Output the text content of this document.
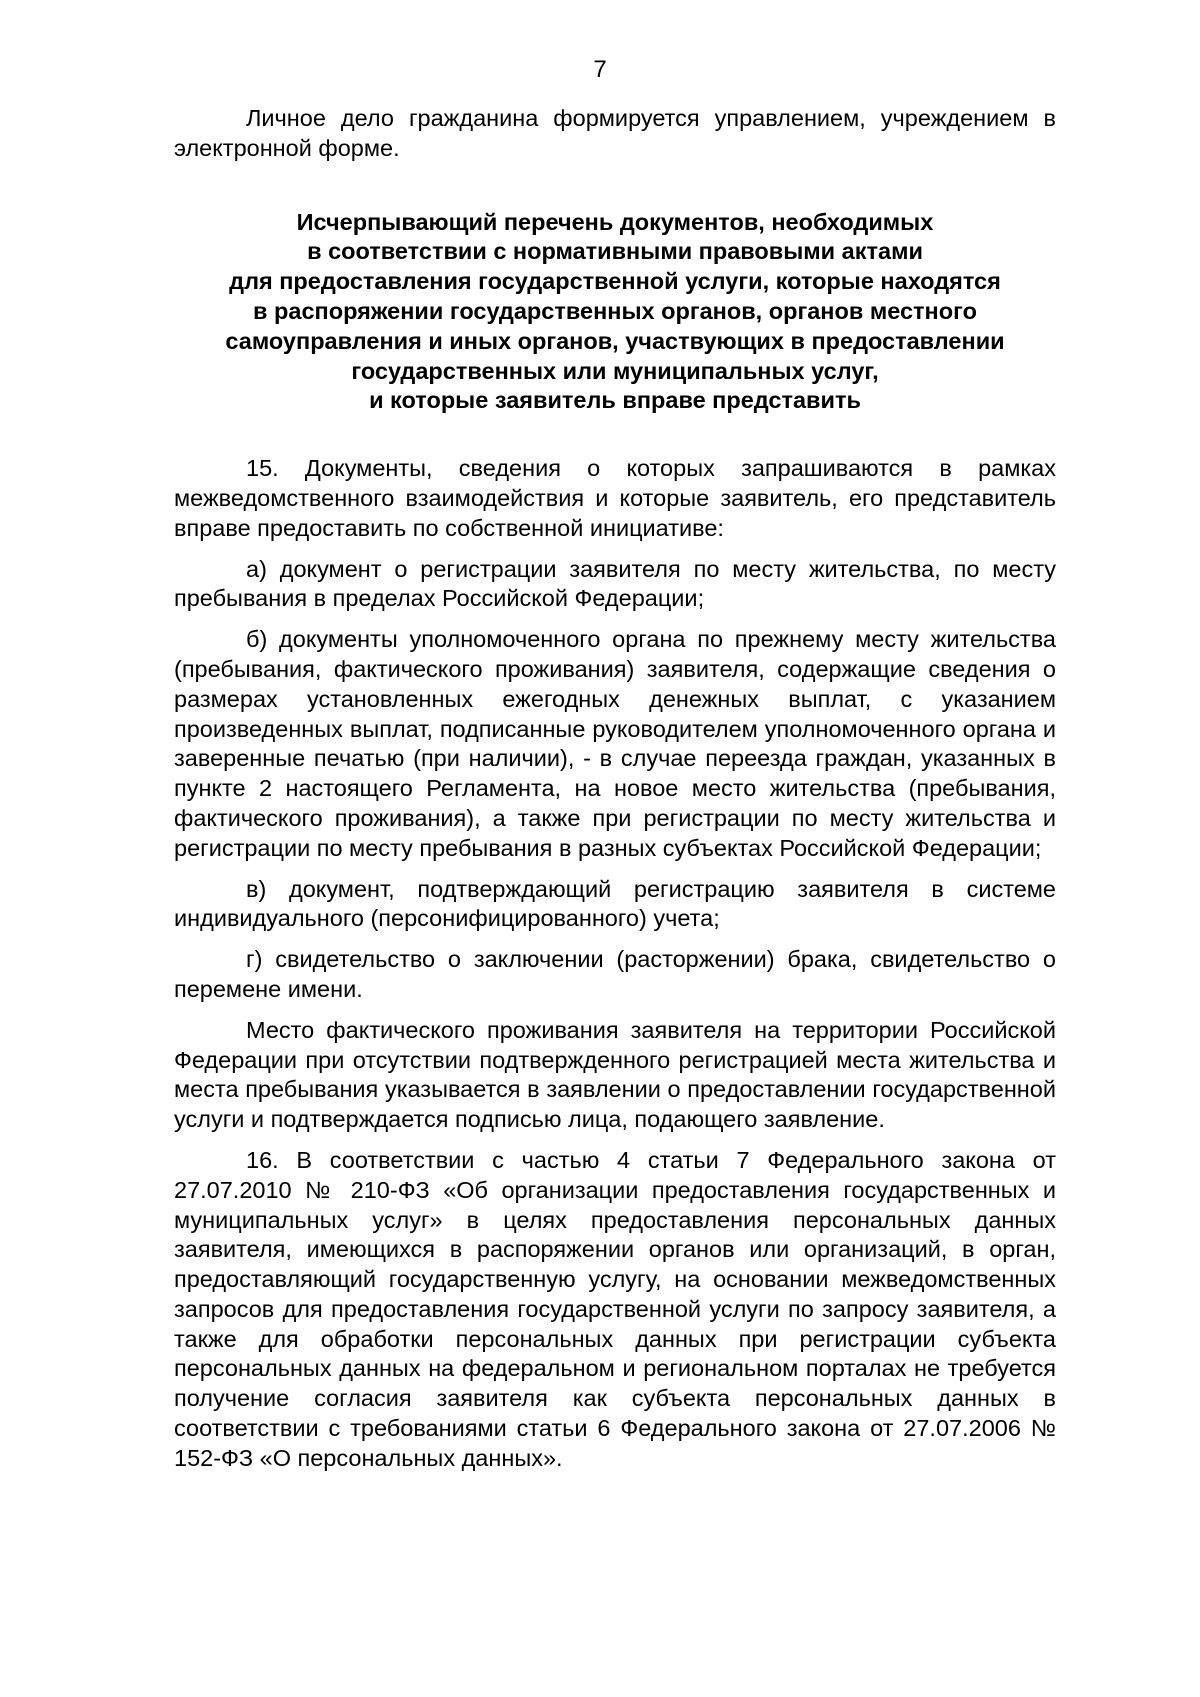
7

Личное дело гражданина формируется управлением, учреждением в электронной форме.

Исчерпывающий перечень документов, необходимых
в соответствии с нормативными правовыми актами
для предоставления государственной услуги, которые находятся
в распоряжении государственных органов, органов местного
самоуправления и иных органов, участвующих в предоставлении
государственных или муниципальных услуг,
и которые заявитель вправе представить

15. Документы, сведения о которых запрашиваются в рамках межведомственного взаимодействия и которые заявитель, его представитель вправе предоставить по собственной инициативе:

а) документ о регистрации заявителя по месту жительства, по месту пребывания в пределах Российской Федерации;

б) документы уполномоченного органа по прежнему месту жительства (пребывания, фактического проживания) заявителя, содержащие сведения о размерах установленных ежегодных денежных выплат, с указанием произведенных выплат, подписанные руководителем уполномоченного органа и заверенные печатью (при наличии), - в случае переезда граждан, указанных в пункте 2 настоящего Регламента, на новое место жительства (пребывания, фактического проживания), а также при регистрации по месту жительства и регистрации по месту пребывания в разных субъектах Российской Федерации;

в) документ, подтверждающий регистрацию заявителя в системе индивидуального (персонифицированного) учета;

г) свидетельство о заключении (расторжении) брака, свидетельство о перемене имени.

Место фактического проживания заявителя на территории Российской Федерации при отсутствии подтвержденного регистрацией места жительства и места пребывания указывается в заявлении о предоставлении государственной услуги и подтверждается подписью лица, подающего заявление.

16. В соответствии с частью 4 статьи 7 Федерального закона от 27.07.2010 № 210-ФЗ «Об организации предоставления государственных и муниципальных услуг» в целях предоставления персональных данных заявителя, имеющихся в распоряжении органов или организаций, в орган, предоставляющий государственную услугу, на основании межведомственных запросов для предоставления государственной услуги по запросу заявителя, а также для обработки персональных данных при регистрации субъекта персональных данных на федеральном и региональном порталах не требуется получение согласия заявителя как субъекта персональных данных в соответствии с требованиями статьи 6 Федерального закона от 27.07.2006 № 152-ФЗ «О персональных данных».
